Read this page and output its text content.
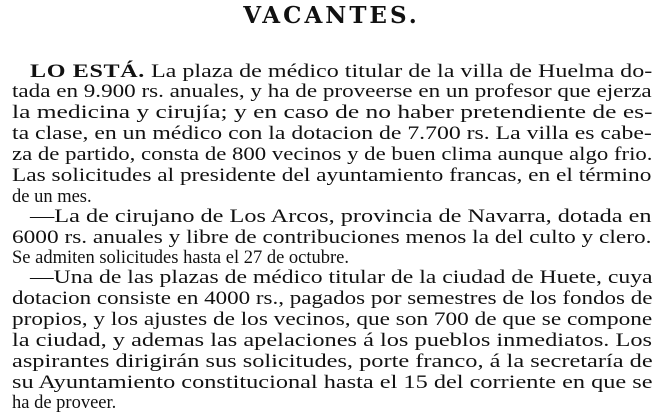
VACANTES.
LO ESTÁ. La plaza de médico titular de la villa de Huelma do-
tada en 9.900 rs. anuales, y ha de proveerse en un profesor que ejerza
la medicina y cirujía; y en caso de no haber pretendiente de es-
ta clase, en un médico con la dotacion de 7.700 rs. La villa es cabe-
za de partido, consta de 800 vecinos y de buen clima aunque algo frio.
Las solicitudes al presidente del ayuntamiento francas, en el término
de un mes.
—La de cirujano de Los Arcos, provincia de Navarra, dotada en
6000 rs. anuales y libre de contribuciones menos la del culto y clero.
Se admiten solicitudes hasta el 27 de octubre.
—Una de las plazas de médico titular de la ciudad de Huete, cuya
dotacion consiste en 4000 rs., pagados por semestres de los fondos de
propios, y los ajustes de los vecinos, que son 700 de que se compone
la ciudad, y ademas las apelaciones á los pueblos inmediatos. Los
aspirantes dirigirán sus solicitudes, porte franco, á la secretaría de
su Ayuntamiento constitucional hasta el 15 del corriente en que se
ha de proveer.
